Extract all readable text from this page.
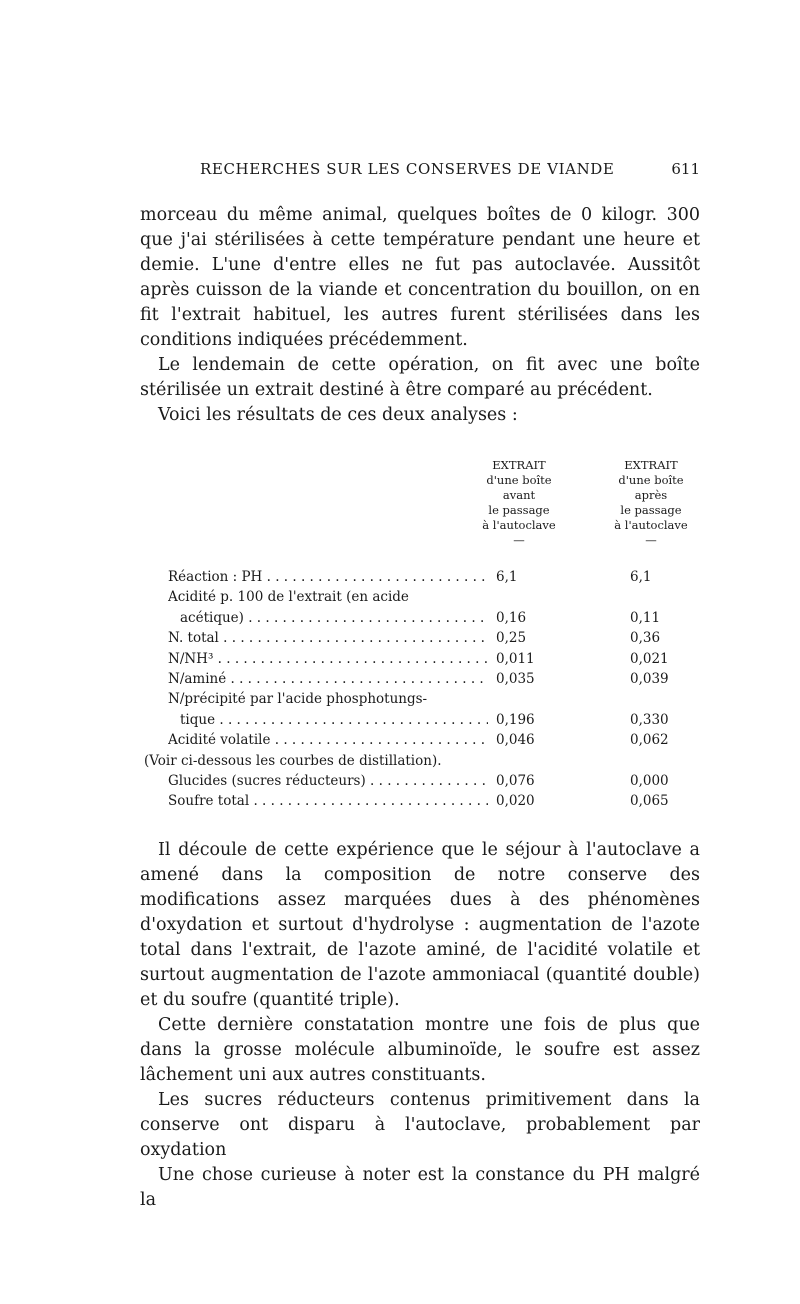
RECHERCHES SUR LES CONSERVES DE VIANDE	611

morceau du même animal, quelques boîtes de 0 kilogr. 300 que j'ai stérilisées à cette température pendant une heure et demie. L'une d'entre elles ne fut pas autoclavée. Aussitôt après cuisson de la viande et concentration du bouillon, on en fit l'extrait habituel, les autres furent stérilisées dans les conditions indiquées précédemment.

Le lendemain de cette opération, on fit avec une boîte stérilisée un extrait destiné à être comparé au précédent.

Voici les résultats de ces deux analyses :

EXTRAIT
d'une boîte
avant
le passage
à l'autoclave
—
EXTRAIT
d'une boîte
après
le passage
à l'autoclave
—
Réaction : PH . . .	6,1	6,1
Acidité p. 100 de l'extrait (en acide
acétique) . . .	0,16	0,11
N. total . . .	0,25	0,36
N/NH³ . . .	0,011	0,021
N/aminé . . .	0,035	0,039
N/précipité par l'acide phosphotungs-
tique . . .	0,196	0,330
Acidité volatile . . .	0,046	0,062
(Voir ci-dessous les courbes de distillation).
Glucides (sucres réducteurs) . . .	0,076	0,000
Soufre total . . .	0,020	0,065

Il découle de cette expérience que le séjour à l'autoclave a amené dans la composition de notre conserve des modifications assez marquées dues à des phénomènes d'oxydation et surtout d'hydrolyse : augmentation de l'azote total dans l'extrait, de l'azote aminé, de l'acidité volatile et surtout augmentation de l'azote ammoniacal (quantité double) et du soufre (quantité triple).

Cette dernière constatation montre une fois de plus que dans la grosse molécule albuminoïde, le soufre est assez lâchement uni aux autres constituants.

Les sucres réducteurs contenus primitivement dans la conserve ont disparu à l'autoclave, probablement par oxydation

Une chose curieuse à noter est la constance du PH malgré la
